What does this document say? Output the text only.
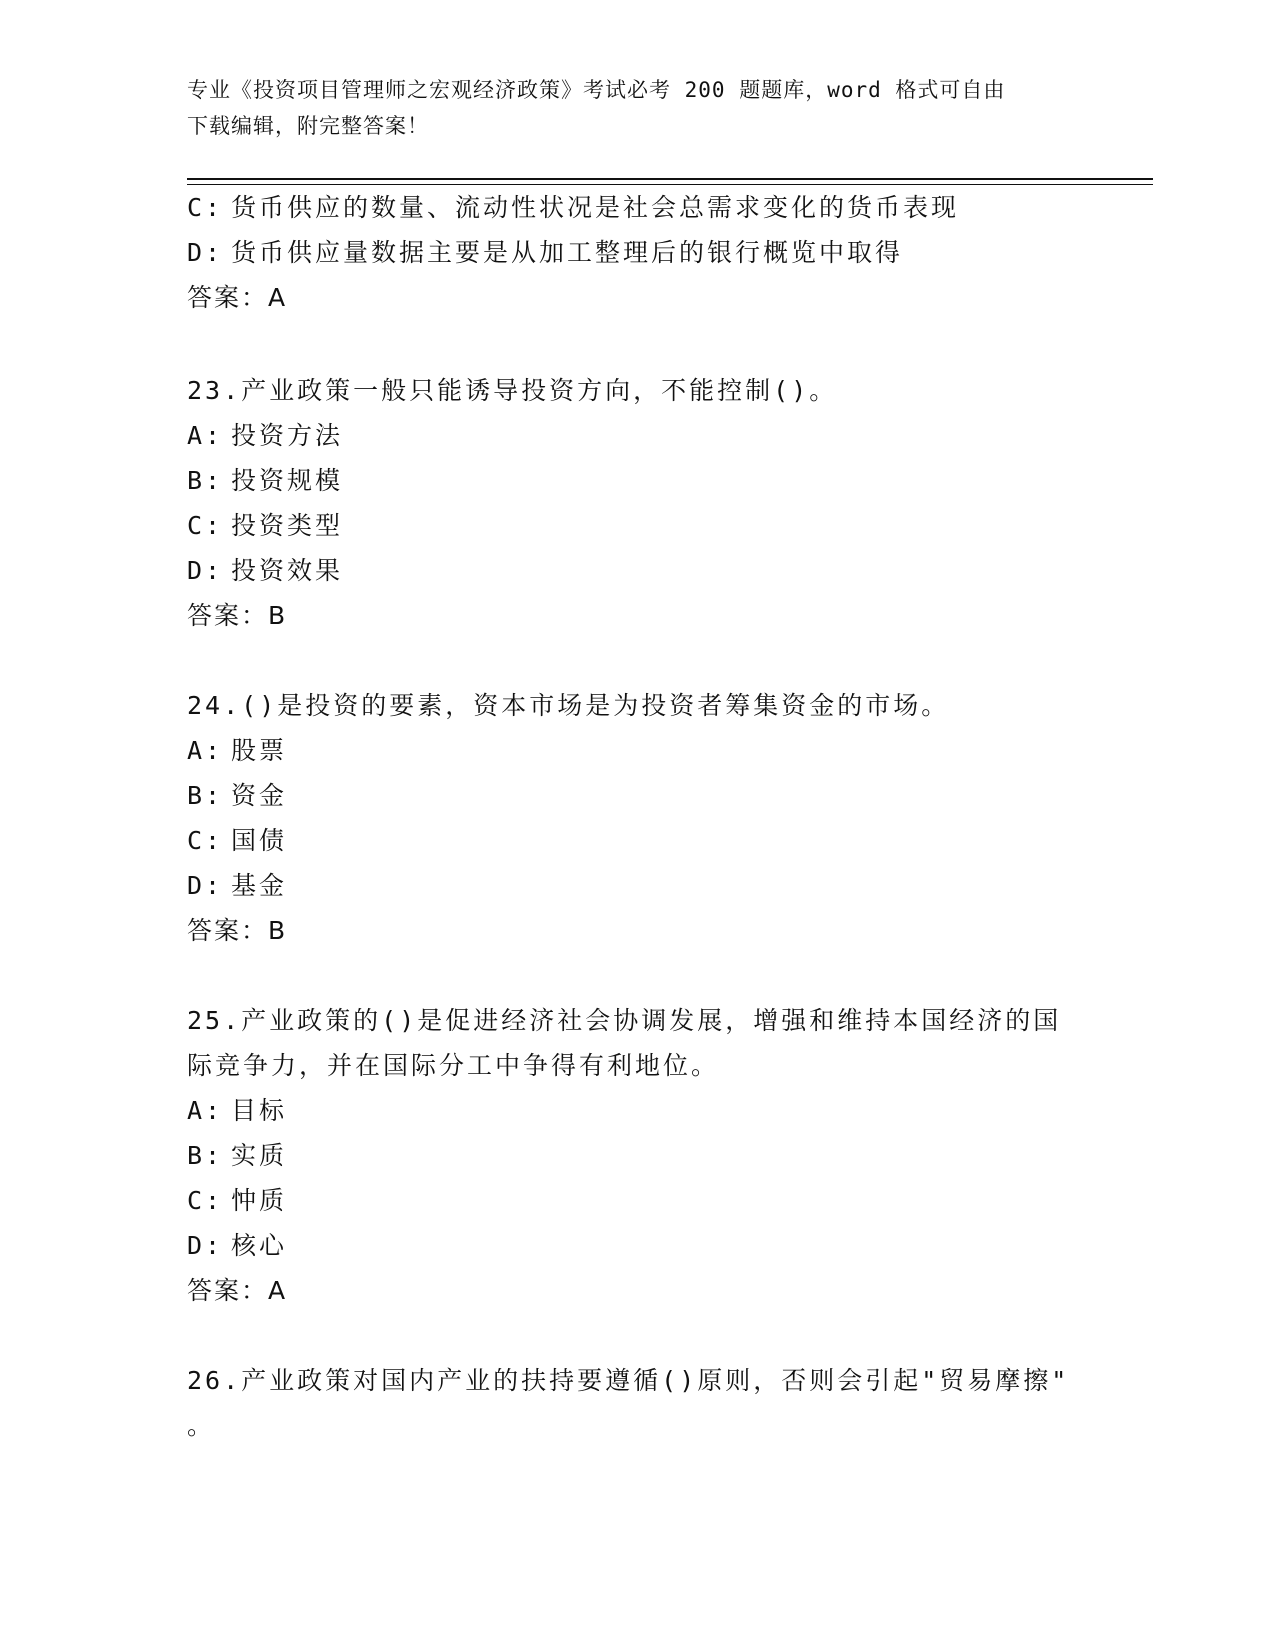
专业《投资项目管理师之宏观经济政策》考试必考 200 题题库，word 格式可自由
下载编辑，附完整答案！
C: 货币供应的数量、流动性状况是社会总需求变化的货币表现
D: 货币供应量数据主要是从加工整理后的银行概览中取得
答案：A
23.产业政策一般只能诱导投资方向，不能控制()。
A: 投资方法
B: 投资规模
C: 投资类型
D: 投资效果
答案：B
24.()是投资的要素，资本市场是为投资者筹集资金的市场。
A: 股票
B: 资金
C: 国债
D: 基金
答案：B
25.产业政策的()是促进经济社会协调发展，增强和维持本国经济的国
际竞争力，并在国际分工中争得有利地位。
A: 目标
B: 实质
C: 忡质
D: 核心
答案：A
26.产业政策对国内产业的扶持要遵循()原则，否则会引起"贸易摩擦"
。
